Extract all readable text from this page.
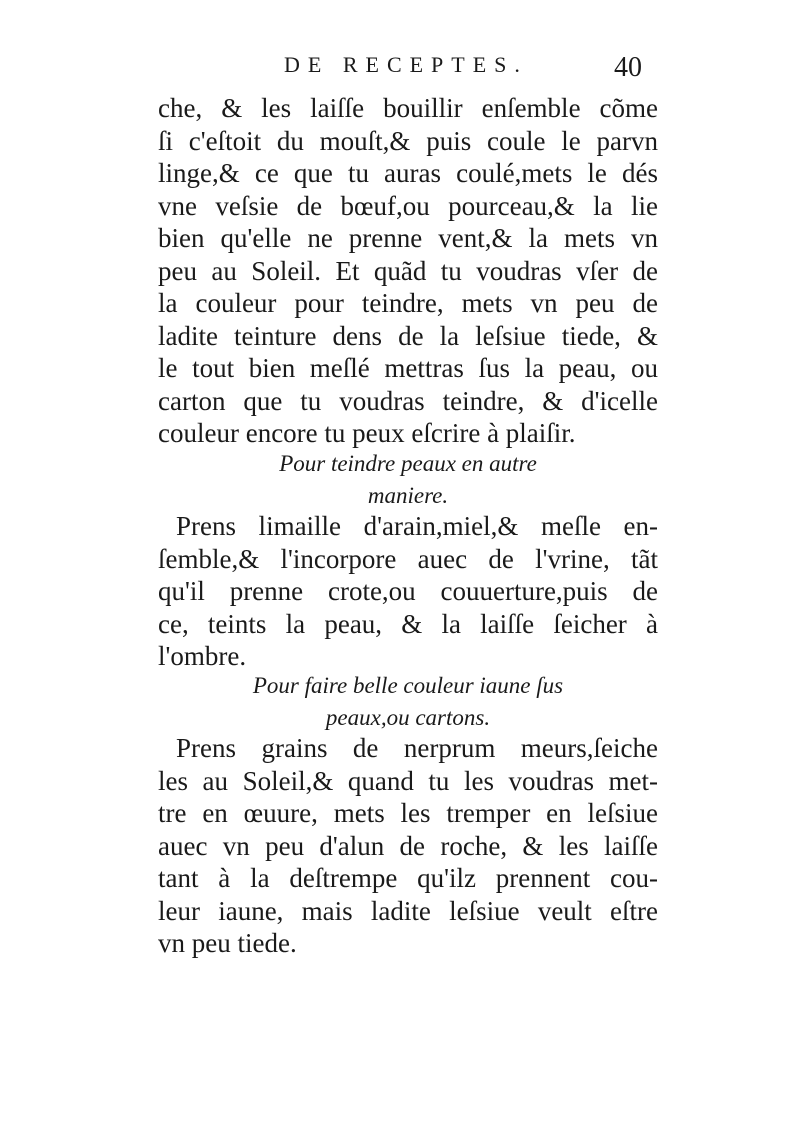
DE RECEPTES.	40
che, & les laiſſe bouillir enſemble cõme
ſi c'eſtoit du mouſt,& puis coule le parvn
linge,& ce que tu auras coulé,mets le dés
vne veſsie de bœuf,ou pourceau,& la lie
bien qu'elle ne prenne vent,& la mets vn
peu au Soleil. Et quãd tu voudras vſer de
la couleur pour teindre, mets vn peu de
ladite teinture dens de la leſsiue tiede, &
le tout bien meſlé mettras ſus la peau, ou
carton que tu voudras teindre, & d'icelle
couleur encore tu peux eſcrire à plaiſir.
Pour teindre peaux en autre
maniere.
Prens limaille d'arain,miel,& meſle en-
ſemble,& l'incorpore auec de l'vrine, tãt
qu'il prenne crote,ou couuerture,puis de
ce, teints la peau, & la laiſſe ſeicher à
l'ombre.
Pour faire belle couleur iaune ſus
peaux,ou cartons.
Prens grains de nerprum meurs,ſeiche
les au Soleil,& quand tu les voudras met-
tre en œuure, mets les tremper en leſsiue
auec vn peu d'alun de roche, & les laiſſe
tant à la deſtrempe qu'ilz prennent cou-
leur iaune, mais ladite leſsiue veult eſtre
vn peu tiede.
